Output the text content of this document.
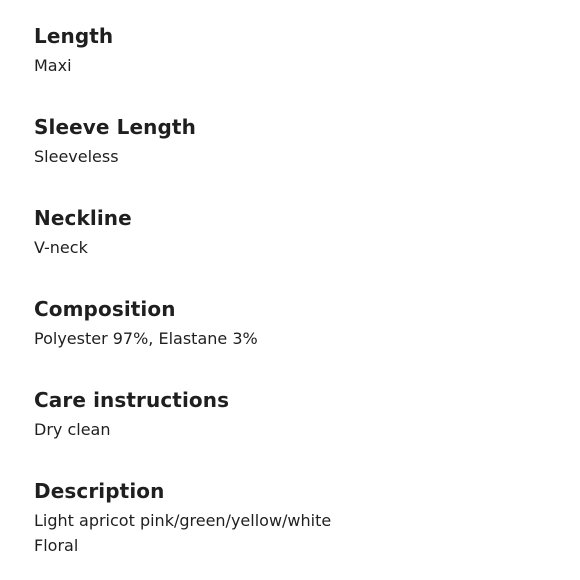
Length
Maxi
Sleeve Length
Sleeveless
Neckline
V-neck
Composition
Polyester 97%, Elastane 3%
Care instructions
Dry clean
Description
Light apricot pink/green/yellow/white
Floral
